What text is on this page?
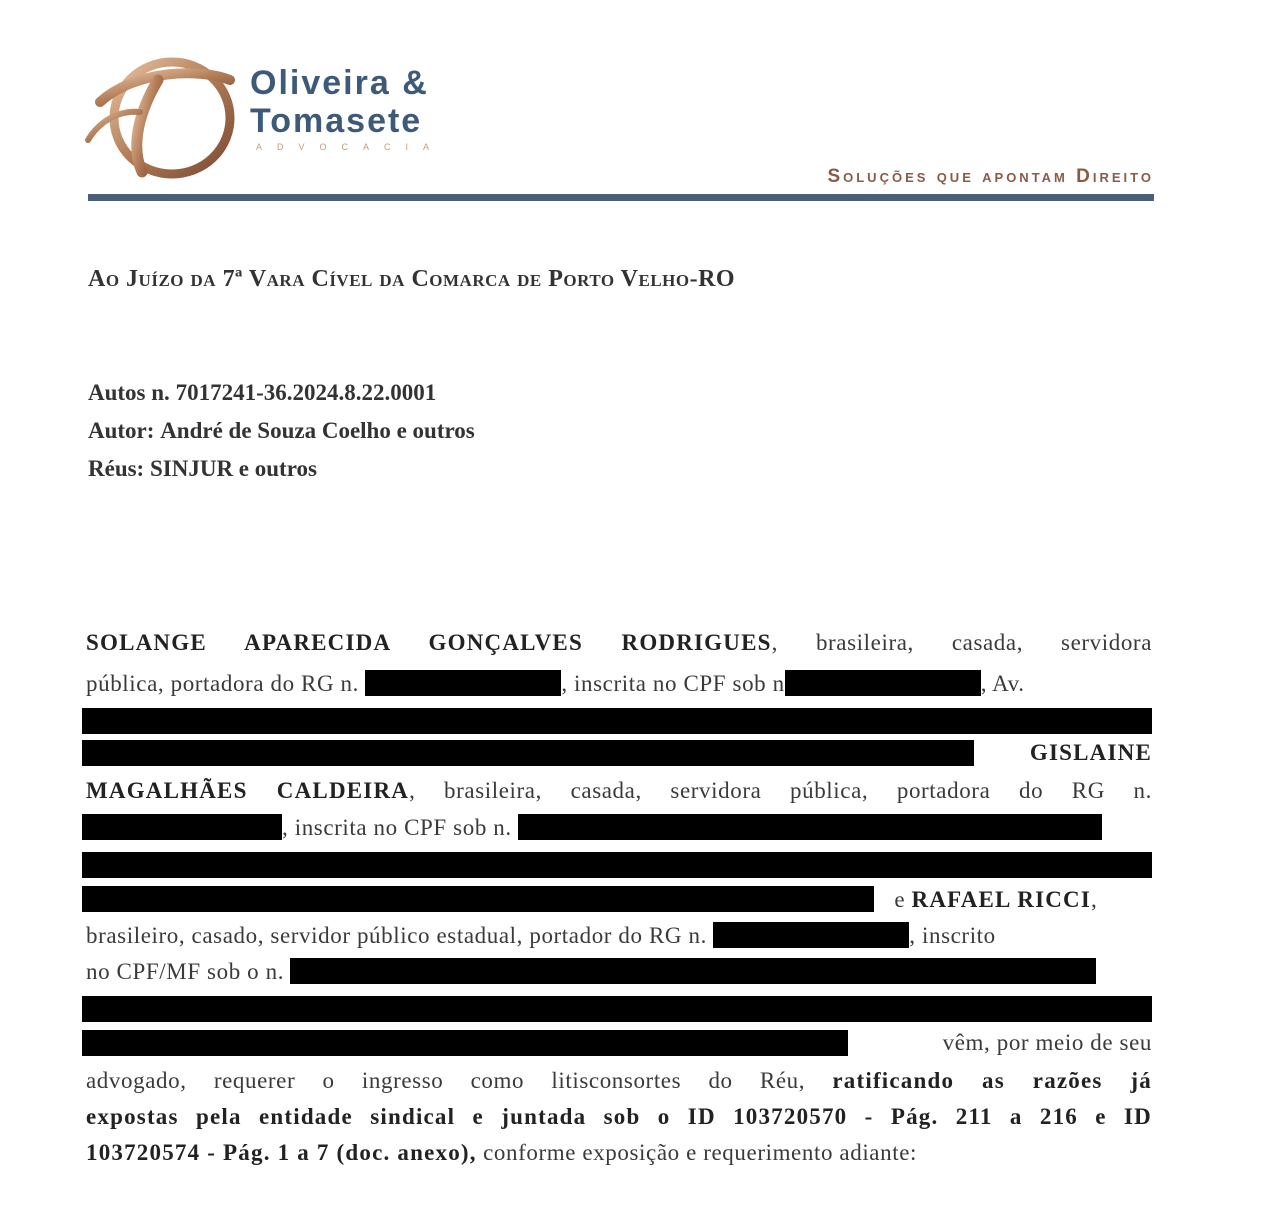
Oliveira &
Tomasete
ADVOCACIA
Soluções que apontam Direito
Ao Juízo da 7ª Vara Cível da Comarca de Porto Velho-RO
Autos n. 7017241-36.2024.8.22.0001
Autor: André de Souza Coelho e outros
Réus: SINJUR e outros
SOLANGE APARECIDA GONÇALVES RODRIGUES, brasileira, casada, servidora
pública, portadora do RG n.	, inscrita no CPF sob n	, Av.
GISLAINE
MAGALHÃES CALDEIRA, brasileira, casada, servidora pública, portadora do RG n.
, inscrita no CPF sob n.
e RAFAEL RICCI,
brasileiro, casado, servidor público estadual, portador do RG n.	, inscrito
no CPF/MF sob o n.
vêm, por meio de seu
advogado, requerer o ingresso como litisconsortes do Réu, ratificando as razões já
expostas pela entidade sindical e juntada sob o ID 103720570 - Pág. 211 a 216 e ID
103720574 - Pág. 1 a 7 (doc. anexo), conforme exposição e requerimento adiante:
